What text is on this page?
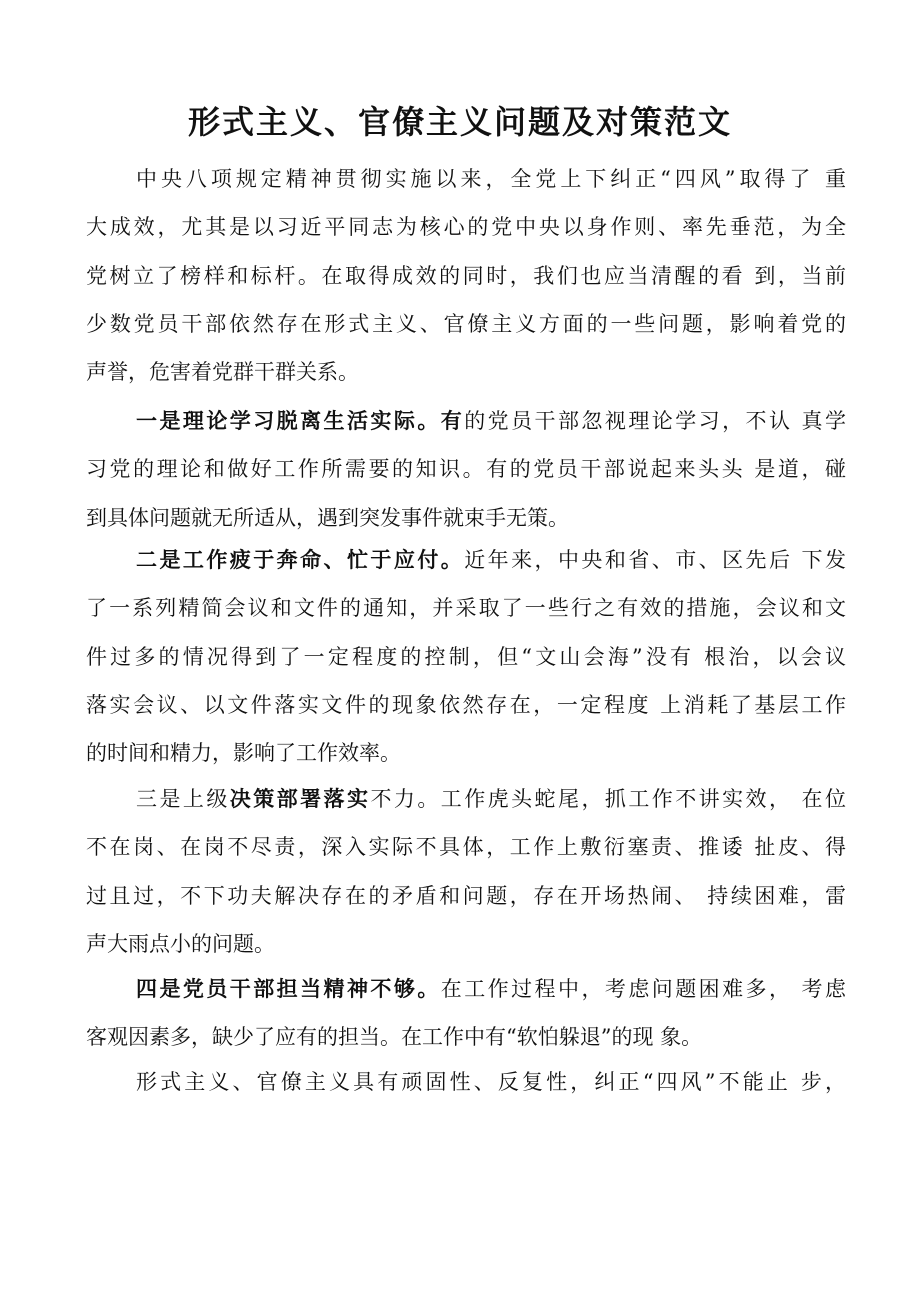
形式主义、官僚主义问题及对策范文
中央八项规定精神贯彻实施以来，全党上下纠正“四风”取得了 重
大成效，尤其是以习近平同志为核心的党中央以身作则、率先垂范，为全
党树立了榜样和标杆。在取得成效的同时，我们也应当清醒的看 到，当前
少数党员干部依然存在形式主义、官僚主义方面的一些问题，影响着党的
声誉，危害着党群干群关系。
一是理论学习脱离生活实际。有的党员干部忽视理论学习，不认 真学
习党的理论和做好工作所需要的知识。有的党员干部说起来头头 是道，碰
到具体问题就无所适从，遇到突发事件就束手无策。
二是工作疲于奔命、忙于应付。近年来，中央和省、市、区先后 下发
了一系列精简会议和文件的通知，并采取了一些行之有效的措施，会议和文
件过多的情况得到了一定程度的控制，但“文山会海”没有 根治，以会议
落实会议、以文件落实文件的现象依然存在，一定程度 上消耗了基层工作
的时间和精力，影响了工作效率。
三是上级决策部署落实不力。工作虎头蛇尾，抓工作不讲实效， 在位
不在岗、在岗不尽责，深入实际不具体，工作上敷衍塞责、推诿 扯皮、得
过且过，不下功夫解决存在的矛盾和问题，存在开场热闹、 持续困难，雷
声大雨点小的问题。
四是党员干部担当精神不够。在工作过程中，考虑问题困难多， 考虑
客观因素多，缺少了应有的担当。在工作中有“软怕躲退”的现 象。
形式主义、官僚主义具有顽固性、反复性，纠正“四风”不能止 步，
